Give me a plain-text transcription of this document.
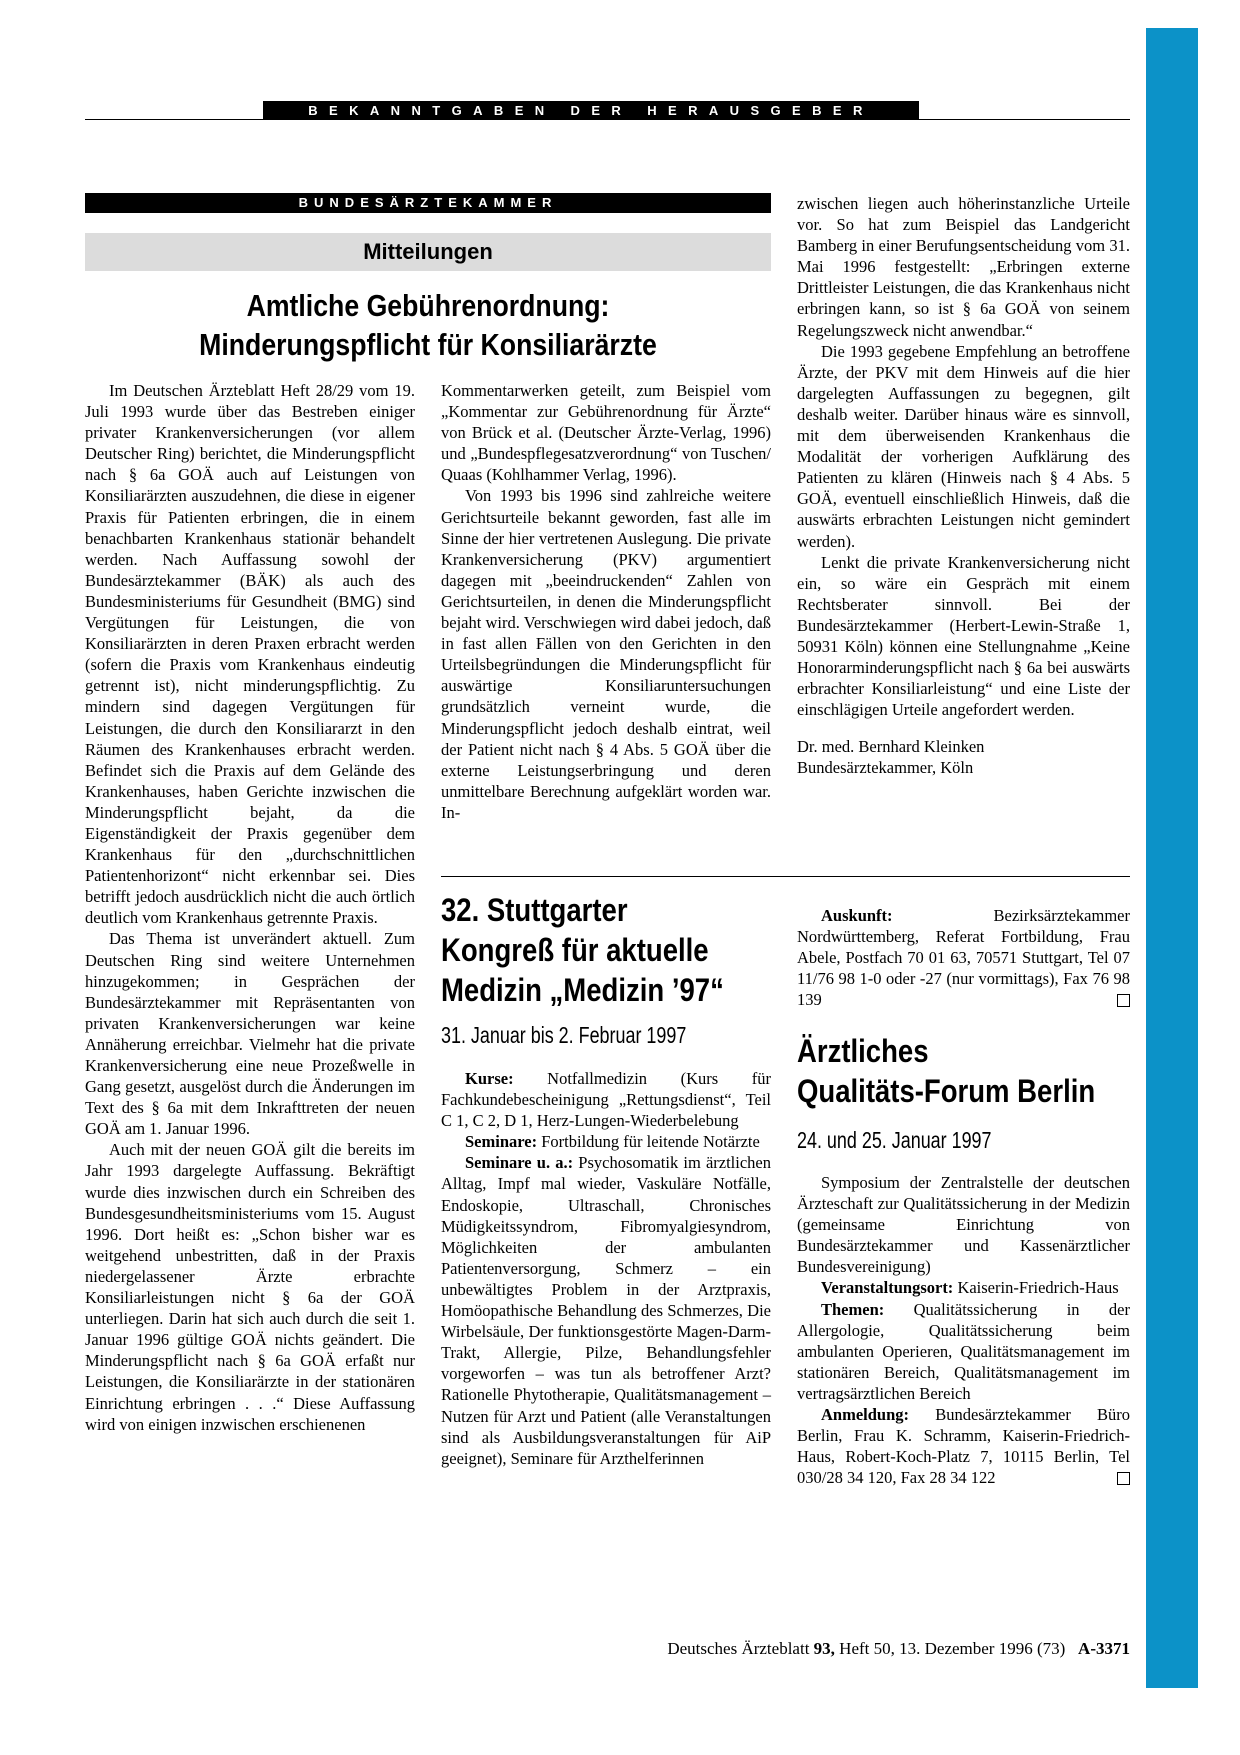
BEKANNTGABEN DER HERAUSGEBER
BUNDESÄRZTEKAMMER
Mitteilungen
Amtliche Gebührenordnung:
Minderungspflicht für Konsiliarärzte

Im Deutschen Ärzteblatt Heft 28/29 vom 19. Juli 1993 wurde über das Bestreben einiger privater Krankenversicherungen (vor allem Deutscher Ring) berichtet, die Minderungspflicht nach § 6a GOÄ auch auf Leistungen von Konsiliarärzten auszudehnen, die diese in eigener Praxis für Patienten erbringen, die in einem benachbarten Krankenhaus stationär behandelt werden. Nach Auffassung sowohl der Bundesärztekammer (BÄK) als auch des Bundesministeriums für Gesundheit (BMG) sind Vergütungen für Leistungen, die von Konsiliarärzten in deren Praxen erbracht werden (sofern die Praxis vom Krankenhaus eindeutig getrennt ist), nicht minderungspflichtig. Zu mindern sind dagegen Vergütungen für Leistungen, die durch den Konsiliararzt in den Räumen des Krankenhauses erbracht werden. Befindet sich die Praxis auf dem Gelände des Krankenhauses, haben Gerichte inzwischen die Minderungspflicht bejaht, da die Eigenständigkeit der Praxis gegenüber dem Krankenhaus für den „durchschnittlichen Patientenhorizont“ nicht erkennbar sei. Dies betrifft jedoch ausdrücklich nicht die auch örtlich deutlich vom Krankenhaus getrennte Praxis.

Das Thema ist unverändert aktuell. Zum Deutschen Ring sind weitere Unternehmen hinzugekommen; in Gesprächen der Bundesärztekammer mit Repräsentanten von privaten Krankenversicherungen war keine Annäherung erreichbar. Vielmehr hat die private Krankenversicherung eine neue Prozeßwelle in Gang gesetzt, ausgelöst durch die Änderungen im Text des § 6a mit dem Inkrafttreten der neuen GOÄ am 1. Januar 1996.

Auch mit der neuen GOÄ gilt die bereits im Jahr 1993 dargelegte Auffassung. Bekräftigt wurde dies inzwischen durch ein Schreiben des Bundesgesundheitsministeriums vom 15. August 1996. Dort heißt es: „Schon bisher war es weitgehend unbestritten, daß in der Praxis niedergelassener Ärzte erbrachte Konsiliarleistungen nicht § 6a der GOÄ unterliegen. Darin hat sich auch durch die seit 1. Januar 1996 gültige GOÄ nichts geändert. Die Minderungspflicht nach § 6a GOÄ erfaßt nur Leistungen, die Konsiliarärzte in der stationären Einrichtung erbringen . . .“ Diese Auffassung wird von einigen inzwischen erschienenen

Kommentarwerken geteilt, zum Beispiel vom „Kommentar zur Gebührenordnung für Ärzte“ von Brück et al. (Deutscher Ärzte-Verlag, 1996) und „Bundespflegesatzverordnung“ von Tuschen/ Quaas (Kohlhammer Verlag, 1996).

Von 1993 bis 1996 sind zahlreiche weitere Gerichtsurteile bekannt geworden, fast alle im Sinne der hier vertretenen Auslegung. Die private Krankenversicherung (PKV) argumentiert dagegen mit „beeindruckenden“ Zahlen von Gerichtsurteilen, in denen die Minderungspflicht bejaht wird. Verschwiegen wird dabei jedoch, daß in fast allen Fällen von den Gerichten in den Urteilsbegründungen die Minderungspflicht für auswärtige Konsiliaruntersuchungen grundsätzlich verneint wurde, die Minderungspflicht jedoch deshalb eintrat, weil der Patient nicht nach § 4 Abs. 5 GOÄ über die externe Leistungserbringung und deren unmittelbare Berechnung aufgeklärt worden war. In-

zwischen liegen auch höherinstanzliche Urteile vor. So hat zum Beispiel das Landgericht Bamberg in einer Berufungsentscheidung vom 31. Mai 1996 festgestellt: „Erbringen externe Drittleister Leistungen, die das Krankenhaus nicht erbringen kann, so ist § 6a GOÄ von seinem Regelungszweck nicht anwendbar.“

Die 1993 gegebene Empfehlung an betroffene Ärzte, der PKV mit dem Hinweis auf die hier dargelegten Auffassungen zu begegnen, gilt deshalb weiter. Darüber hinaus wäre es sinnvoll, mit dem überweisenden Krankenhaus die Modalität der vorherigen Aufklärung des Patienten zu klären (Hinweis nach § 4 Abs. 5 GOÄ, eventuell einschließlich Hinweis, daß die auswärts erbrachten Leistungen nicht gemindert werden).

Lenkt die private Krankenversicherung nicht ein, so wäre ein Gespräch mit einem Rechtsberater sinnvoll. Bei der Bundesärztekammer (Herbert-Lewin-Straße 1, 50931 Köln) können eine Stellungnahme „Keine Honorarminderungspflicht nach § 6a bei auswärts erbrachter Konsiliarleistung“ und eine Liste der einschlägigen Urteile angefordert werden.

Dr. med. Bernhard Kleinken

Bundesärztekammer, Köln

32. Stuttgarter
Kongreß für aktuelle
Medizin „Medizin ’97“
31. Januar bis 2. Februar 1997

Kurse: Notfallmedizin (Kurs für Fachkundebescheinigung „Rettungsdienst“, Teil C 1, C 2, D 1, Herz-Lungen-Wiederbelebung

Seminare: Fortbildung für leitende Notärzte

Seminare u. a.: Psychosomatik im ärztlichen Alltag, Impf mal wieder, Vaskuläre Notfälle, Endoskopie, Ultraschall, Chronisches Müdigkeitssyndrom, Fibromyalgiesyndrom, Möglichkeiten der ambulanten Patientenversorgung, Schmerz – ein unbewältigtes Problem in der Arztpraxis, Homöopathische Behandlung des Schmerzes, Die Wirbelsäule, Der funktionsgestörte Magen-Darm-Trakt, Allergie, Pilze, Behandlungsfehler vorgeworfen – was tun als betroffener Arzt? Rationelle Phytotherapie, Qualitätsmanagement – Nutzen für Arzt und Patient (alle Veranstaltungen sind als Ausbildungsveranstaltungen für AiP geeignet), Seminare für Arzthelferinnen

Auskunft: Bezirksärztekammer Nordwürttemberg, Referat Fortbildung, Frau Abele, Postfach 70 01 63, 70571 Stuttgart, Tel 07 11/76 98 1-0 oder -27 (nur vormittags), Fax 76 98 139

Ärztliches
Qualitäts-Forum Berlin
24. und 25. Januar 1997

Symposium der Zentralstelle der deutschen Ärzteschaft zur Qualitätssicherung in der Medizin (gemeinsame Einrichtung von Bundesärztekammer und Kassenärztlicher Bundesvereinigung)

Veranstaltungsort: Kaiserin-Friedrich-Haus

Themen: Qualitätssicherung in der Allergologie, Qualitätssicherung beim ambulanten Operieren, Qualitätsmanagement im stationären Bereich, Qualitätsmanagement im vertragsärztlichen Bereich

Anmeldung: Bundesärztekammer Büro Berlin, Frau K. Schramm, Kaiserin-Friedrich-Haus, Robert-Koch-Platz 7, 10115 Berlin, Tel 030/28 34 120, Fax 28 34 122

Deutsches Ärzteblatt 93, Heft 50, 13. Dezember 1996 (73) A-3371
